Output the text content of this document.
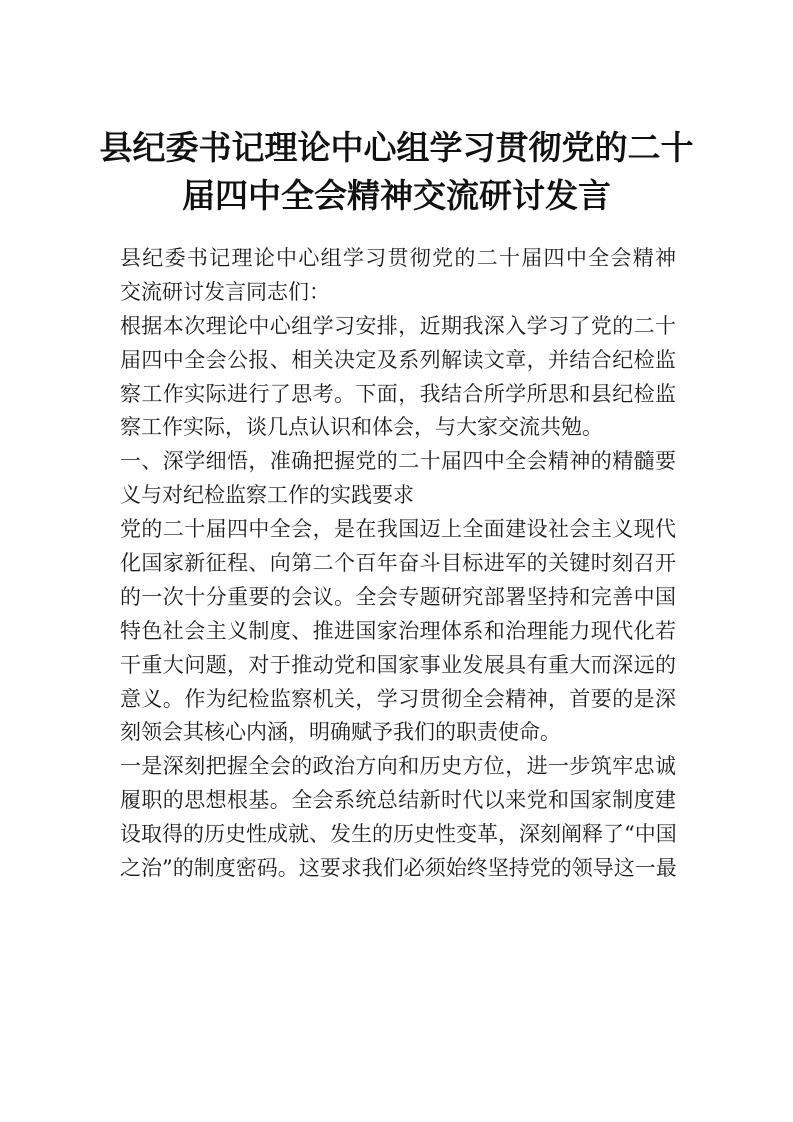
县纪委书记理论中心组学习贯彻党的二十
届四中全会精神交流研讨发言
县纪委书记理论中心组学习贯彻党的二十届四中全会精神
交流研讨发言同志们：
根据本次理论中心组学习安排，近期我深入学习了党的二十
届四中全会公报、相关决定及系列解读文章，并结合纪检监
察工作实际进行了思考。下面，我结合所学所思和县纪检监
察工作实际，谈几点认识和体会，与大家交流共勉。
一、深学细悟，准确把握党的二十届四中全会精神的精髓要
义与对纪检监察工作的实践要求
党的二十届四中全会，是在我国迈上全面建设社会主义现代
化国家新征程、向第二个百年奋斗目标进军的关键时刻召开
的一次十分重要的会议。全会专题研究部署坚持和完善中国
特色社会主义制度、推进国家治理体系和治理能力现代化若
干重大问题，对于推动党和国家事业发展具有重大而深远的
意义。作为纪检监察机关，学习贯彻全会精神，首要的是深
刻领会其核心内涵，明确赋予我们的职责使命。
一是深刻把握全会的政治方向和历史方位，进一步筑牢忠诚
履职的思想根基。全会系统总结新时代以来党和国家制度建
设取得的历史性成就、发生的历史性变革，深刻阐释了“中国
之治”的制度密码。这要求我们必须始终坚持党的领导这一最
